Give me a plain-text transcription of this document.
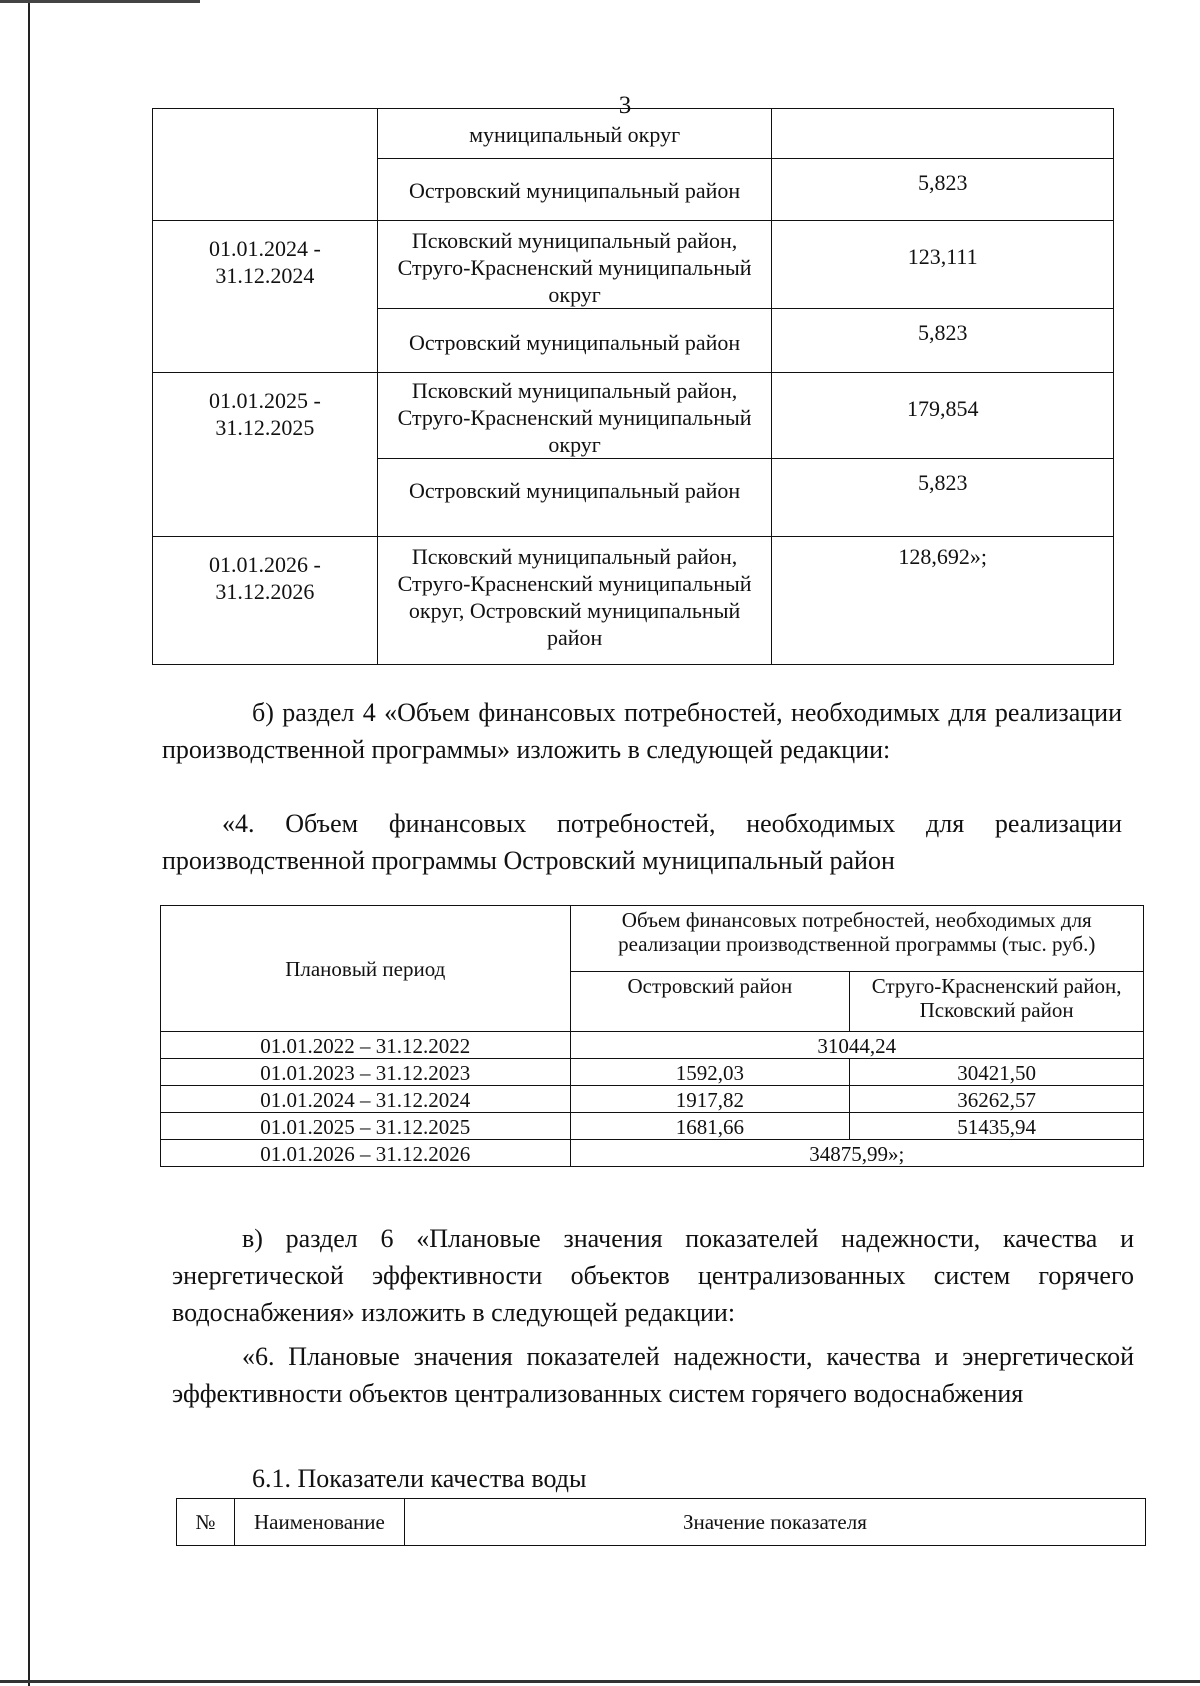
3
	муниципальный округ	
	Островский муниципальный район	5,823
01.01.2024 - 31.12.2024	Псковский муниципальный район, Струго-Красненский муниципальный округ	123,111
	Островский муниципальный район	5,823
01.01.2025 - 31.12.2025	Псковский муниципальный район, Струго-Красненский муниципальный округ	179,854
	Островский муниципальный район	5,823
01.01.2026 - 31.12.2026	Псковский муниципальный район, Струго-Красненский муниципальный округ, Островский муниципальный район	128,692»;
б) раздел 4 «Объем финансовых потребностей, необходимых для реализации производственной программы» изложить в следующей редакции:
«4. Объем финансовых потребностей, необходимых для реализации производственной программы Островский муниципальный район
Плановый период	Объем финансовых потребностей, необходимых для реализации производственной программы (тыс. руб.)	
	Островский район	Струго-Красненский район, Псковский район
01.01.2022 – 31.12.2022	31044,24	
01.01.2023 – 31.12.2023	1592,03	30421,50
01.01.2024 – 31.12.2024	1917,82	36262,57
01.01.2025 – 31.12.2025	1681,66	51435,94
01.01.2026 – 31.12.2026	34875,99»;	
в) раздел 6 «Плановые значения показателей надежности, качества и энергетической эффективности объектов централизованных систем горячего водоснабжения» изложить в следующей редакции:
«6. Плановые значения показателей надежности, качества и энергетической эффективности объектов централизованных систем горячего водоснабжения
6.1. Показатели качества воды
№	Наименование	Значение показателя
